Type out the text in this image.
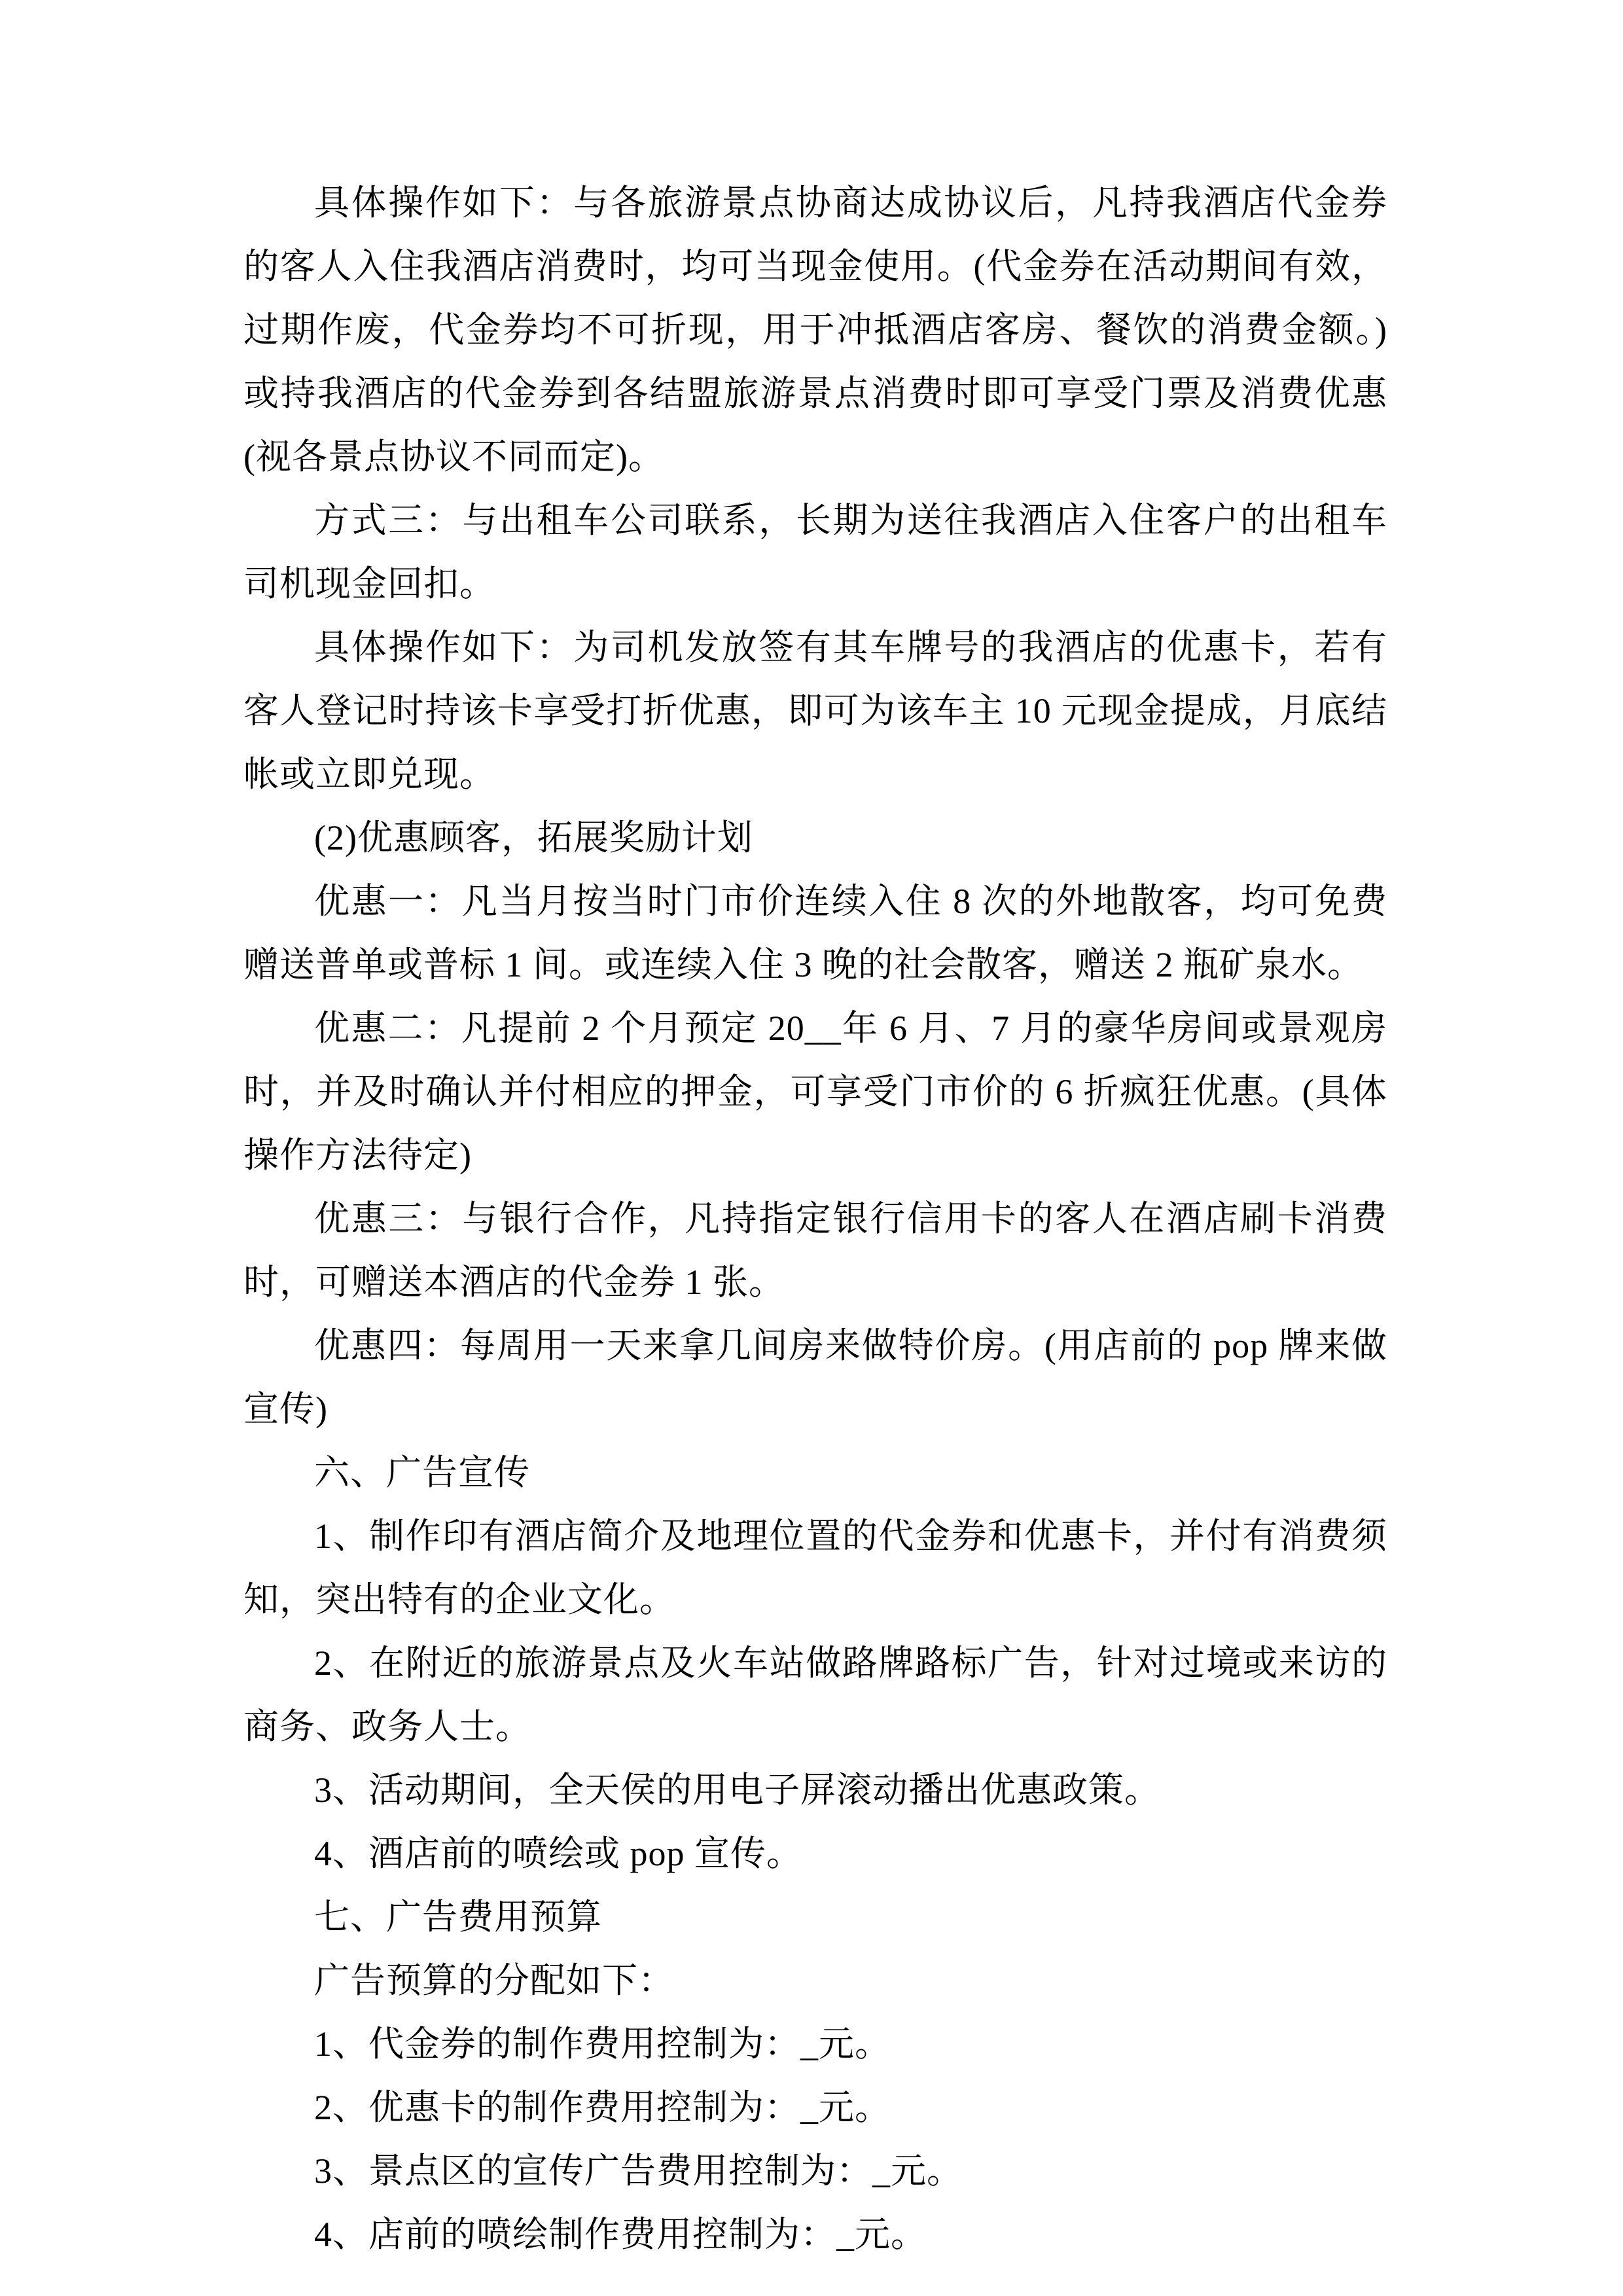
具体操作如下：与各旅游景点协商达成协议后，凡持我酒店代金券的客人入住我酒店消费时，均可当现金使用。(代金券在活动期间有效，过期作废，代金券均不可折现，用于冲抵酒店客房、餐饮的消费金额。)或持我酒店的代金券到各结盟旅游景点消费时即可享受门票及消费优惠(视各景点协议不同而定)。

方式三：与出租车公司联系，长期为送往我酒店入住客户的出租车司机现金回扣。

具体操作如下：为司机发放签有其车牌号的我酒店的优惠卡，若有客人登记时持该卡享受打折优惠，即可为该车主 10 元现金提成，月底结帐或立即兑现。

(2)优惠顾客，拓展奖励计划

优惠一：凡当月按当时门市价连续入住 8 次的外地散客，均可免费赠送普单或普标 1 间。或连续入住 3 晚的社会散客，赠送 2 瓶矿泉水。

优惠二：凡提前 2 个月预定 20__年 6 月、7 月的豪华房间或景观房时，并及时确认并付相应的押金，可享受门市价的 6 折疯狂优惠。(具体操作方法待定)

优惠三：与银行合作，凡持指定银行信用卡的客人在酒店刷卡消费时，可赠送本酒店的代金券 1 张。

优惠四：每周用一天来拿几间房来做特价房。(用店前的 pop 牌来做宣传)

六、广告宣传

1、制作印有酒店简介及地理位置的代金券和优惠卡，并付有消费须知，突出特有的企业文化。

2、在附近的旅游景点及火车站做路牌路标广告，针对过境或来访的商务、政务人士。

3、活动期间，全天侯的用电子屏滚动播出优惠政策。

4、酒店前的喷绘或 pop 宣传。

七、广告费用预算

广告预算的分配如下：

1、代金券的制作费用控制为：_元。

2、优惠卡的制作费用控制为：_元。

3、景点区的宣传广告费用控制为：_元。

4、店前的喷绘制作费用控制为：_元。
